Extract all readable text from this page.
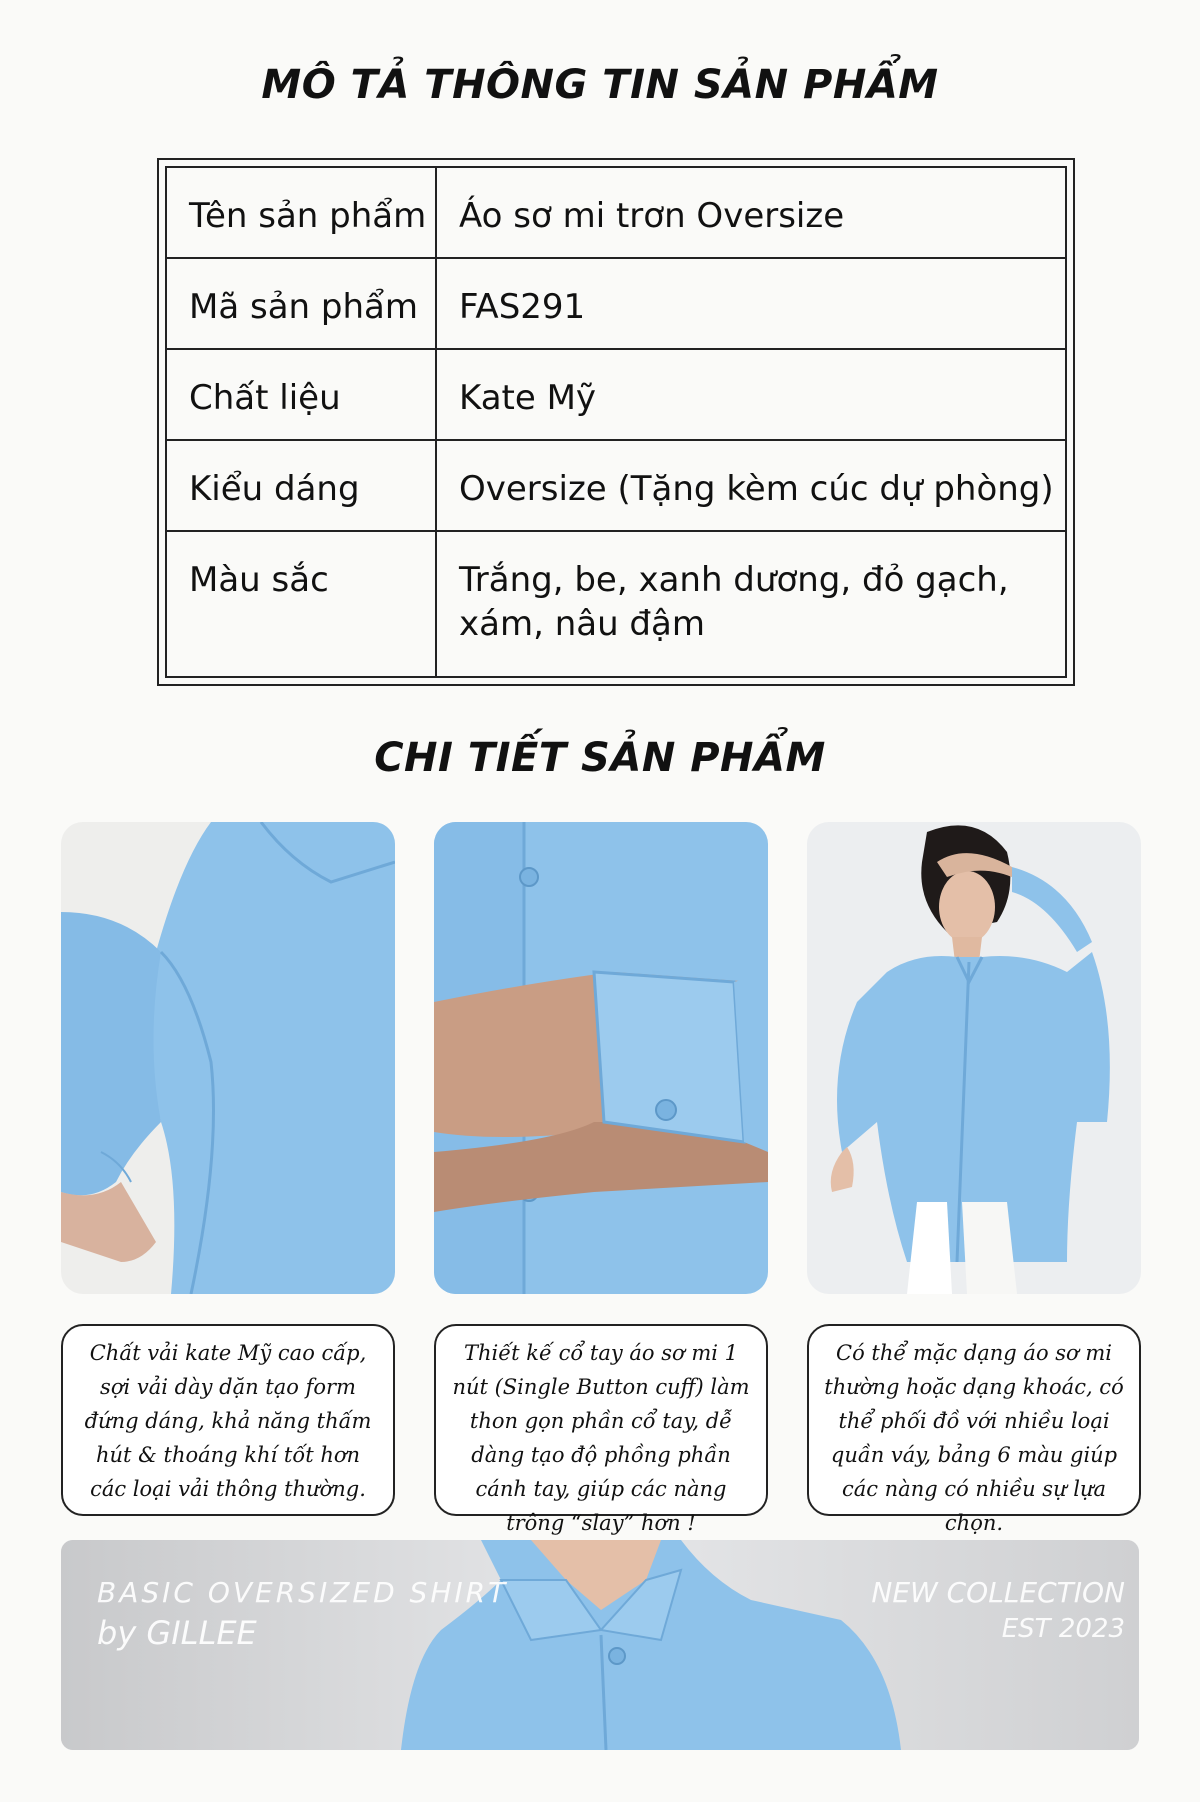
MÔ TẢ THÔNG TIN SẢN PHẨM
Tên sản phẩm	Áo sơ mi trơn Oversize
Mã sản phẩm	FAS291
Chất liệu	Kate Mỹ
Kiểu dáng	Oversize (Tặng kèm cúc dự phòng)
Màu sắc	Trắng, be, xanh dương, đỏ gạch, xám, nâu đậm
CHI TIẾT SẢN PHẨM
Chất vải kate Mỹ cao cấp, sợi vải dày dặn tạo form đứng dáng, khả năng thấm hút & thoáng khí tốt hơn các loại vải thông thường.
Thiết kế cổ tay áo sơ mi 1 nút (Single Button cuff) làm thon gọn phần cổ tay, dễ dàng tạo độ phồng phần cánh tay, giúp các nàng trông “slay” hơn !
Có thể mặc dạng áo sơ mi thường hoặc dạng khoác, có thể phối đồ với nhiều loại quần váy, bảng 6 màu giúp các nàng có nhiều sự lựa chọn.
BASIC OVERSIZED SHIRT
by GILLEE
NEW COLLECTION
EST 2023
